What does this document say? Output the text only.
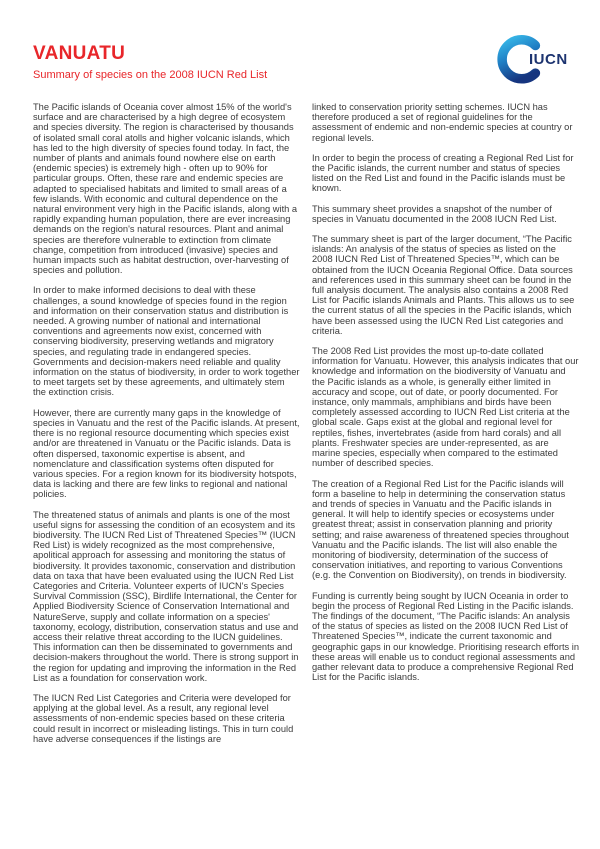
VANUATU
Summary of species on the 2008 IUCN Red List
IUCN

The Pacific islands of Oceania cover almost 15% of the world's surface and are characterised by a high degree of ecosystem and species diversity. The region is characterised by thousands of isolated small coral atolls and higher volcanic islands, which has led to the high diversity of species found today. In fact, the number of plants and animals found nowhere else on earth (endemic species) is extremely high - often up to 90% for particular groups. Often, these rare and endemic species are adapted to specialised habitats and limited to small areas of a few islands. With economic and cultural dependence on the natural environment very high in the Pacific islands, along with a rapidly expanding human population, there are ever increasing demands on the region's natural resources. Plant and animal species are therefore vulnerable to extinction from climate change, competition from introduced (invasive) species and human impacts such as habitat destruction, over-harvesting of species and pollution.

In order to make informed decisions to deal with these challenges, a sound knowledge of species found in the region and information on their conservation status and distribution is needed. A growing number of national and international conventions and agreements now exist, concerned with conserving biodiversity, preserving wetlands and migratory species, and regulating trade in endangered species. Governments and decision-makers need reliable and quality information on the status of biodiversity, in order to work together to meet targets set by these agreements, and ultimately stem the extinction crisis.

However, there are currently many gaps in the knowledge of species in Vanuatu and the rest of the Pacific islands. At present, there is no regional resource documenting which species exist and/or are threatened in Vanuatu or the Pacific islands. Data is often dispersed, taxonomic expertise is absent, and nomenclature and classification systems often disputed for various species. For a region known for its biodiversity hotspots, data is lacking and there are few links to regional and national policies.

The threatened status of animals and plants is one of the most useful signs for assessing the condition of an ecosystem and its biodiversity. The IUCN Red List of Threatened Species™ (IUCN Red List) is widely recognized as the most comprehensive, apolitical approach for assessing and monitoring the status of biodiversity. It provides taxonomic, conservation and distribution data on taxa that have been evaluated using the IUCN Red List Categories and Criteria. Volunteer experts of IUCN's Species Survival Commission (SSC), Birdlife International, the Center for Applied Biodiversity Science of Conservation International and NatureServe, supply and collate information on a species' taxonomy, ecology, distribution, conservation status and use and access their relative threat according to the IUCN guidelines. This information can then be disseminated to governments and decision-makers throughout the world. There is strong support in the region for updating and improving the information in the Red List as a foundation for conservation work.

The IUCN Red List Categories and Criteria were developed for applying at the global level. As a result, any regional level assessments of non-endemic species based on these criteria could result in incorrect or misleading listings. This in turn could have adverse consequences if the listings are

linked to conservation priority setting schemes. IUCN has therefore produced a set of regional guidelines for the assessment of endemic and non-endemic species at country or regional levels.

In order to begin the process of creating a Regional Red List for the Pacific islands, the current number and status of species listed on the Red List and found in the Pacific islands must be known.

This summary sheet provides a snapshot of the number of species in Vanuatu documented in the 2008 IUCN Red List.

The summary sheet is part of the larger document, “The Pacific islands: An analysis of the status of species as listed on the 2008 IUCN Red List of Threatened Species™, which can be obtained from the IUCN Oceania Regional Office. Data sources and references used in this summary sheet can be found in the full analysis document. The analysis also contains a 2008 Red List for Pacific islands Animals and Plants. This allows us to see the current status of all the species in the Pacific islands, which have been assessed using the IUCN Red List categories and criteria.

The 2008 Red List provides the most up-to-date collated information for Vanuatu. However, this analysis indicates that our knowledge and information on the biodiversity of Vanuatu and the Pacific islands as a whole, is generally either limited in accuracy and scope, out of date, or poorly documented. For instance, only mammals, amphibians and birds have been completely assessed according to IUCN Red List criteria at the global scale. Gaps exist at the global and regional level for reptiles, fishes, invertebrates (aside from hard corals) and all plants. Freshwater species are under-represented, as are marine species, especially when compared to the estimated number of described species.

The creation of a Regional Red List for the Pacific islands will form a baseline to help in determining the conservation status and trends of species in Vanuatu and the Pacific islands in general. It will help to identify species or ecosystems under greatest threat; assist in conservation planning and priority setting; and raise awareness of threatened species throughout Vanuatu and the Pacific islands. The list will also enable the monitoring of biodiversity, determination of the success of conservation initiatives, and reporting to various Conventions (e.g. the Convention on Biodiversity), on trends in biodiversity.

Funding is currently being sought by IUCN Oceania in order to begin the process of Regional Red Listing in the Pacific islands. The findings of the document, “The Pacific islands: An analysis of the status of species as listed on the 2008 IUCN Red List of Threatened Species™, indicate the current taxonomic and geographic gaps in our knowledge. Prioritising research efforts in these areas will enable us to conduct regional assessments and gather relevant data to produce a comprehensive Regional Red List for the Pacific islands.
